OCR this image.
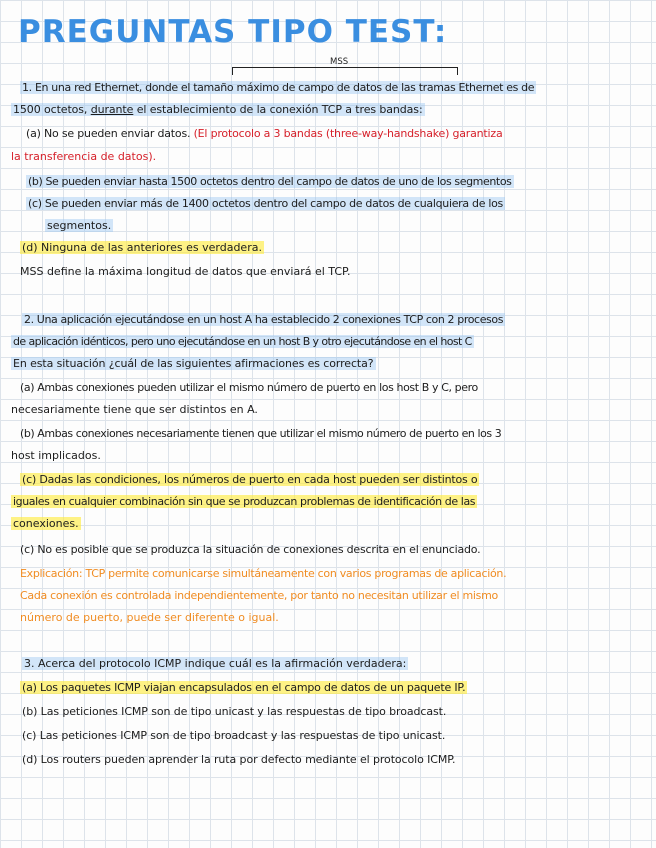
PREGUNTAS TIPO TEST:
MSS
1. En una red Ethernet, donde el tamaño máximo de campo de datos de las tramas Ethernet es de
1500 octetos, durante el establecimiento de la conexión TCP a tres bandas:
(a) No se pueden enviar datos. (El protocolo a 3 bandas (three-way-handshake) garantiza
la transferencia de datos).
(b) Se pueden enviar hasta 1500 octetos dentro del campo de datos de uno de los segmentos
(c) Se pueden enviar más de 1400 octetos dentro del campo de datos de cualquiera de los
segmentos.
(d) Ninguna de las anteriores es verdadera.
MSS define la máxima longitud de datos que enviará el TCP.
2. Una aplicación ejecutándose en un host A ha establecido 2 conexiones TCP con 2 procesos
de aplicación idénticos, pero uno ejecutándose en un host B y otro ejecutándose en el host C
En esta situación ¿cuál de las siguientes afirmaciones es correcta?
(a) Ambas conexiones pueden utilizar el mismo número de puerto en los host B y C, pero
necesariamente tiene que ser distintos en A.
(b) Ambas conexiones necesariamente tienen que utilizar el mismo número de puerto en los 3
host implicados.
(c) Dadas las condiciones, los números de puerto en cada host pueden ser distintos o
iguales en cualquier combinación sin que se produzcan problemas de identificación de las
conexiones.
(c) No es posible que se produzca la situación de conexiones descrita en el enunciado.
Explicación: TCP permite comunicarse simultáneamente con varios programas de aplicación.
Cada conexión es controlada independientemente, por tanto no necesitan utilizar el mismo
número de puerto, puede ser diferente o igual.
3. Acerca del protocolo ICMP indique cuál es la afirmación verdadera:
(a) Los paquetes ICMP viajan encapsulados en el campo de datos de un paquete IP.
(b) Las peticiones ICMP son de tipo unicast y las respuestas de tipo broadcast.
(c) Las peticiones ICMP son de tipo broadcast y las respuestas de tipo unicast.
(d) Los routers pueden aprender la ruta por defecto mediante el protocolo ICMP.
